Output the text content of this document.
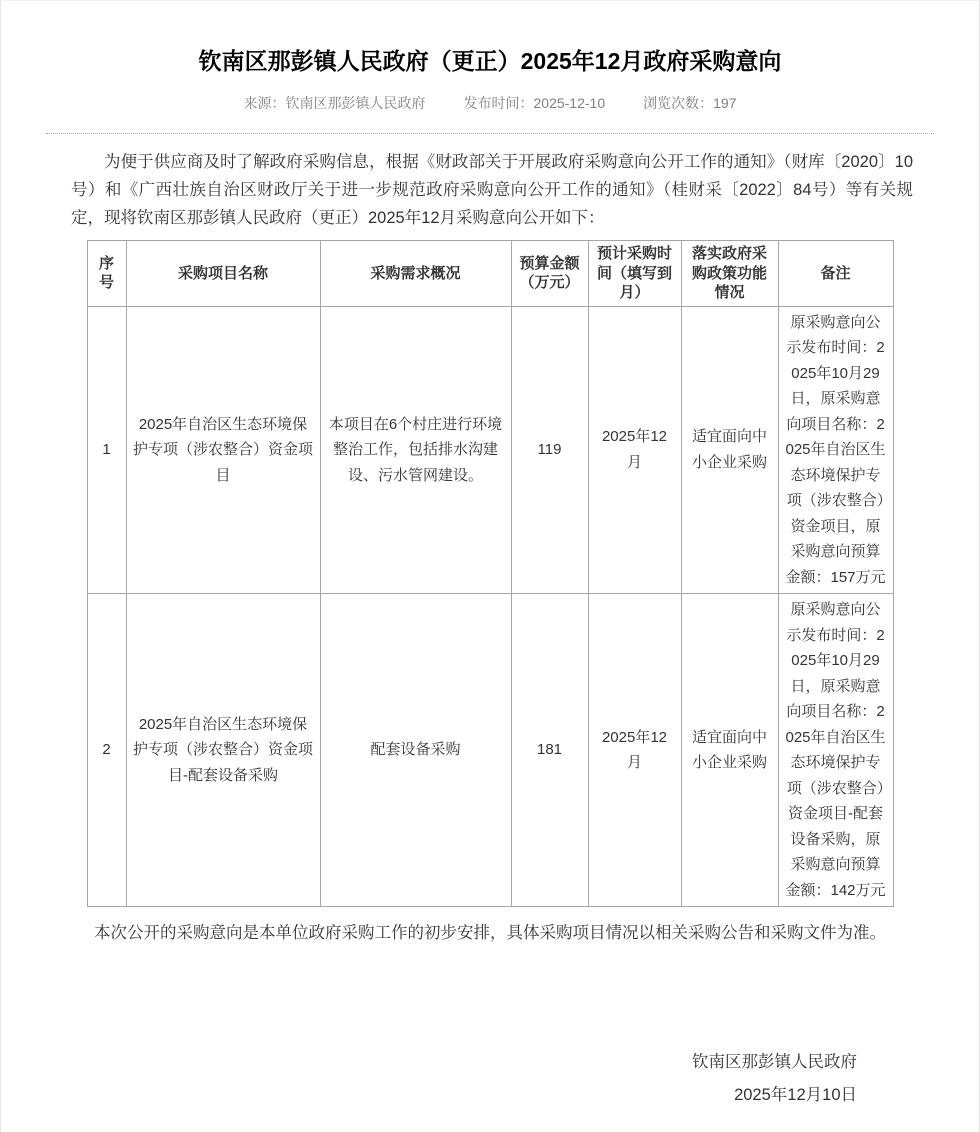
钦南区那彭镇人民政府（更正）2025年12月政府采购意向
来源：钦南区那彭镇人民政府	发布时间：2025-12-10	浏览次数：197

为便于供应商及时了解政府采购信息，根据《财政部关于开展政府采购意向公开工作的通知》（财库〔2020〕10号）和《广西壮族自治区财政厅关于进一步规范政府采购意向公开工作的通知》（桂财采〔2022〕84号）等有关规定，现将钦南区那彭镇人民政府（更正）2025年12月采购意向公开如下：

序号	采购项目名称	采购需求概况	预算金额（万元）	预计采购时间（填写到月）	落实政府采购政策功能情况	备注
1	2025年自治区生态环境保护专项（涉农整合）资金项目	本项目在6个村庄进行环境整治工作，包括排水沟建设、污水管网建设。	119	2025年12月	适宜面向中小企业采购	原采购意向公示发布时间：2025年10月29日，原采购意向项目名称：2025年自治区生态环境保护专项（涉农整合）资金项目，原采购意向预算金额：157万元
2	2025年自治区生态环境保护专项（涉农整合）资金项目-配套设备采购	配套设备采购	181	2025年12月	适宜面向中小企业采购	原采购意向公示发布时间：2025年10月29日，原采购意向项目名称：2025年自治区生态环境保护专项（涉农整合）资金项目-配套设备采购，原采购意向预算金额：142万元

本次公开的采购意向是本单位政府采购工作的初步安排，具体采购项目情况以相关采购公告和采购文件为准。

钦南区那彭镇人民政府
2025年12月10日
